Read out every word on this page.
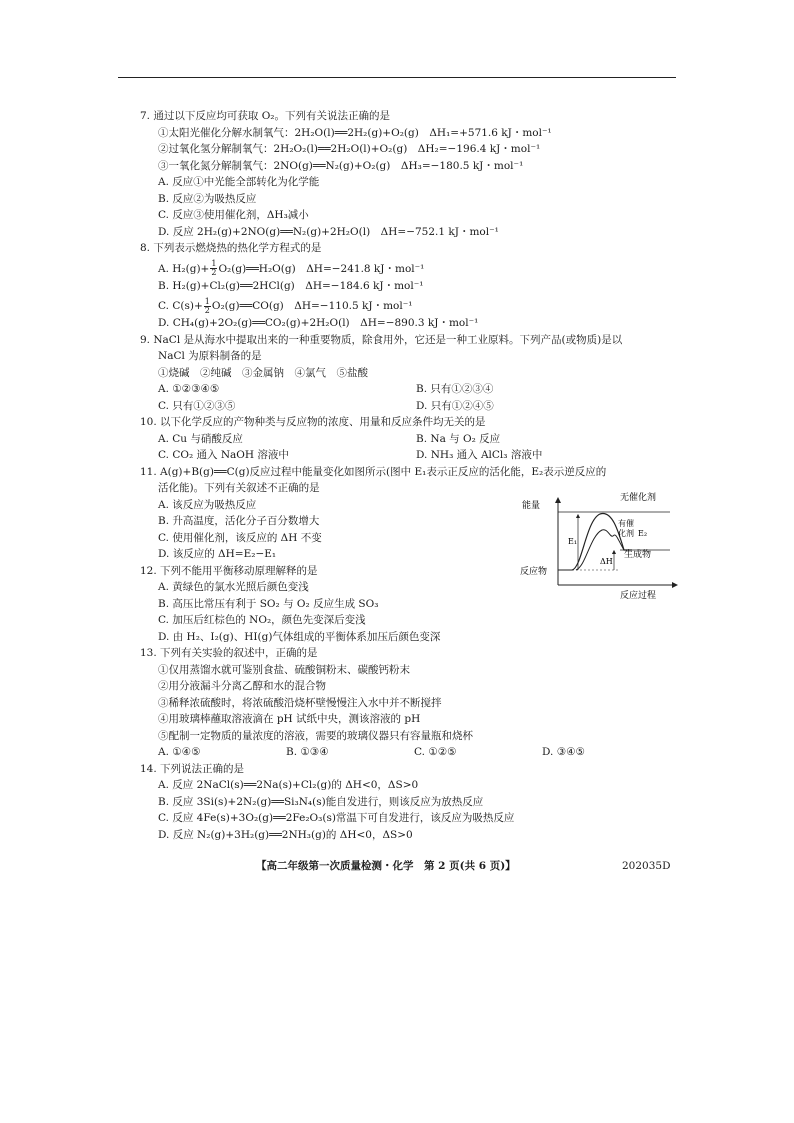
7. 通过以下反应均可获取 O₂。下列有关说法正确的是
①太阳光催化分解水制氧气：2H₂O(l)══2H₂(g)+O₂(g)　ΔH₁=+571.6 kJ・mol⁻¹
②过氧化氢分解制氧气：2H₂O₂(l)══2H₂O(l)+O₂(g)　ΔH₂=−196.4 kJ・mol⁻¹
③一氧化氮分解制氧气：2NO(g)══N₂(g)+O₂(g)　ΔH₃=−180.5 kJ・mol⁻¹
A. 反应①中光能全部转化为化学能
B. 反应②为吸热反应
C. 反应③使用催化剂，ΔH₃减小
D. 反应 2H₂(g)+2NO(g)══N₂(g)+2H₂O(l)　ΔH=−752.1 kJ・mol⁻¹
8. 下列表示燃烧热的热化学方程式的是
A. $H_2(g)+ \frac{1}{2}$ O₂(g)══H₂O(g)　ΔH=−241.8 kJ・mol⁻¹
B. H₂(g)+Cl₂(g)══2HCl(g)　ΔH=−184.6 kJ・mol⁻¹
C. $C(s)+ \frac{1}{2}$ O₂(g)══CO(g)　ΔH=−110.5 kJ・mol⁻¹
D. CH₄(g)+2O₂(g)══CO₂(g)+2H₂O(l)　ΔH=−890.3 kJ・mol⁻¹
9. NaCl 是从海水中提取出来的一种重要物质，除食用外，它还是一种工业原料。下列产品(或物质)是以
NaCl 为原料制备的是
①烧碱　②纯碱　③金属钠　④氯气　⑤盐酸
A. ①②③④⑤	B. 只有①②③④
C. 只有①②③⑤	D. 只有①②④⑤
10. 以下化学反应的产物种类与反应物的浓度、用量和反应条件均无关的是
A. Cu 与硝酸反应	B. Na 与 O₂ 反应
C. CO₂ 通入 NaOH 溶液中	D. NH₃ 通入 AlCl₃ 溶液中
11. A(g)+B(g)══C(g)反应过程中能量变化如图所示(图中 E₁表示正反应的活化能，E₂表示逆反应的
活化能)。下列有关叙述不正确的是
A. 该反应为吸热反应
B. 升高温度，活化分子百分数增大
C. 使用催化剂，该反应的 ΔH 不变
D. 该反应的 ΔH=E₂−E₁
12. 下列不能用平衡移动原理解释的是
A. 黄绿色的氯水光照后颜色变浅
B. 高压比常压有利于 SO₂ 与 O₂ 反应生成 SO₃
C. 加压后红棕色的 NO₂，颜色先变深后变浅
D. 由 H₂、I₂(g)、HI(g)气体组成的平衡体系加压后颜色变深
13. 下列有关实验的叙述中，正确的是
①仅用蒸馏水就可鉴别食盐、硫酸铜粉末、碳酸钙粉末
②用分液漏斗分离乙醇和水的混合物
③稀释浓硫酸时，将浓硫酸沿烧杯壁慢慢注入水中并不断搅拌
④用玻璃棒蘸取溶液滴在 pH 试纸中央，测该溶液的 pH
⑤配制一定物质的量浓度的溶液，需要的玻璃仪器只有容量瓶和烧杯
A. ①④⑤	B. ①③④	C. ①②⑤	D. ③④⑤
14. 下列说法正确的是
A. 反应 2NaCl(s)══2Na(s)+Cl₂(g)的 ΔH<0，ΔS>0
B. 反应 3Si(s)+2N₂(g)══Si₃N₄(s)能自发进行，则该反应为放热反应
C. 反应 4Fe(s)+3O₂(g)══2Fe₂O₃(s)常温下可自发进行，该反应为吸热反应
D. 反应 N₂(g)+3H₂(g)══2NH₃(g)的 ΔH<0，ΔS>0
能量
反应物
生成物
无催化剂
有催
化剂
E₁
E₂
ΔH
反应过程
【高二年级第一次质量检测・化学　第 2 页(共 6 页)】	202035D
